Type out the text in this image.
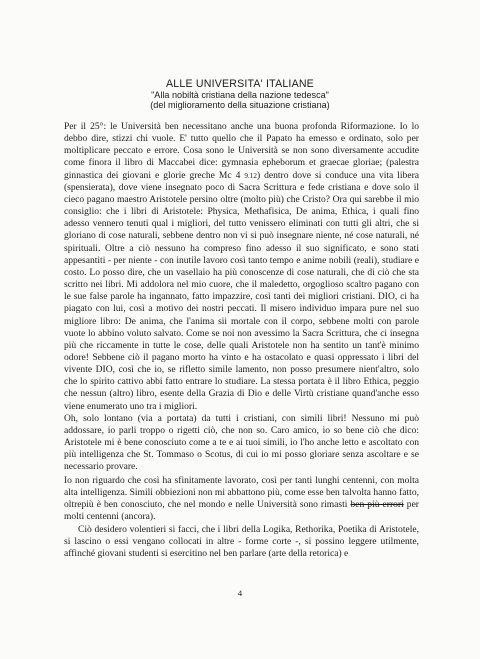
ALLE UNIVERSITA' ITALIANE
"Alla nobiltà cristiana della nazione tedesca"
(del miglioramento della situazione cristiana)

Per il 25°: le Università ben necessitano anche una buona profonda Riformazione. Io lo debbo dire, stizzi chi vuole. E' tutto quello che il Papato ha emesso e ordinato, solo per moltiplicare peccato e errore. Cosa sono le Università se non sono diversamente accudite come finora il libro di Maccabei dice: gymnasia epheborum et graecae gloriae; (palestra ginnastica dei giovani e glorie greche Mc 4 9.12) dentro dove si conduce una vita libera (spensierata), dove viene insegnato poco di Sacra Scrittura e fede cristiana e dove solo il cieco pagano maestro Aristotele persino oltre (molto più) che Cristo? Ora qui sarebbe il mio consiglio: che i libri di Aristotele: Physica, Methafisica, De anima, Ethica, i quali fino adesso vennero tenuti qual i migliori, del tutto venissero eliminati con tutti gli altri, che si gloriano di cose naturali, sebbene dentro non vi si può insegnare niente, né cose naturali, né spirituali. Oltre a ciò nessuno ha compreso fino adesso il suo significato, e sono stati appesantiti - per niente - con inutile lavoro così tanto tempo e anime nobili (reali), studiare e costo. Lo posso dire, che un vasellaio ha più conoscenze di cose naturali, che di ciò che sta scritto nei libri. Mi addolora nel mio cuore, che il maledetto, orgoglioso scaltro pagano con le sue false parole ha ingannato, fatto impazzire, così tanti dei migliori cristiani. DIO, ci ha piagato con lui, così a motivo dei nostri peccati. Il misero individuo impara pure nel suo migliore libro: De anima, che l'anima sii mortale con il corpo, sebbene molti con parole vuote lo abbino voluto salvato. Come se noi non avessimo la Sacra Scrittura, che ci insegna più che riccamente in tutte le cose, delle quali Aristotele non ha sentito un tant'è minimo odore! Sebbene ciò il pagano morto ha vinto e ha ostacolato e quasi oppressato i libri del vivente DIO, così che io, se rifletto simile lamento, non posso presumere nient'altro, solo che lo spirito cattivo abbi fatto entrare lo studiare. La stessa portata è il libro Ethica, peggio che nessun (altro) libro, esente della Grazia di Dio e delle Virtù cristiane quand'anche esso viene enumerato uno tra i migliori.

Oh, solo lontano (via a portata) da tutti i cristiani, con simili libri! Nessuno mi può addossare, io parli troppo o rigetti ciò, che non so. Caro amico, io so bene ciò che dico: Aristotele mi è bene conosciuto come a te e ai tuoi simili, io l'ho anche letto e ascoltato con più intelligenza che St. Tommaso o Scotus, di cui io mi posso gloriare senza ascoltare e se necessario provare.

Io non riguardo che così ha sfinitamente lavorato, così per tanti lunghi centenni, con molta alta intelligenza. Simili obbiezioni non mi abbattono più, come esse ben talvolta hanno fatto, oltrepiù è ben conosciuto, che nel mondo e nelle Università sono rimasti ben più errori per molti centenni (ancora).

Ciò desidero volentieri si facci, che i libri della Logika, Rethorika, Poetika di Aristotele, si lascino o essi vengano collocati in altre - forme corte -, si possino leggere utilmente, affinché giovani studenti si esercitino nel ben parlare (arte della retorica) e

4
